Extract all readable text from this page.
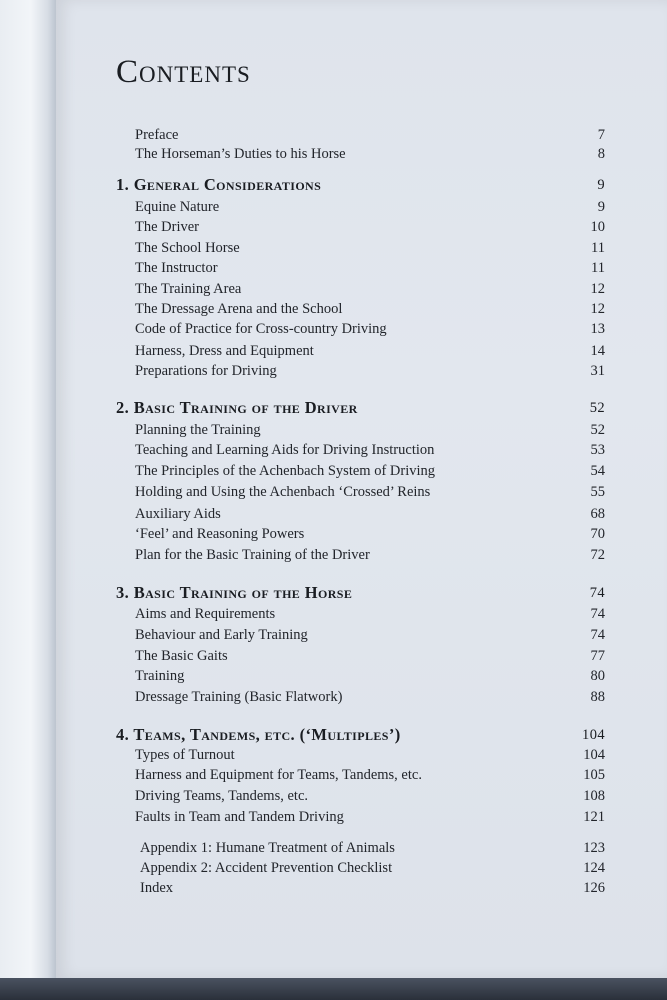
Contents
Preface	7
The Horseman’s Duties to his Horse	8
1. General Considerations	9
Equine Nature	9
The Driver	10
The School Horse	11
The Instructor	11
The Training Area	12
The Dressage Arena and the School	12
Code of Practice for Cross-country Driving	13
Harness, Dress and Equipment	14
Preparations for Driving	31
2. Basic Training of the Driver	52
Planning the Training	52
Teaching and Learning Aids for Driving Instruction	53
The Principles of the Achenbach System of Driving	54
Holding and Using the Achenbach ‘Crossed’ Reins	55
Auxiliary Aids	68
‘Feel’ and Reasoning Powers	70
Plan for the Basic Training of the Driver	72
3. Basic Training of the Horse	74
Aims and Requirements	74
Behaviour and Early Training	74
The Basic Gaits	77
Training	80
Dressage Training (Basic Flatwork)	88
4. Teams, Tandems, etc. (‘Multiples’)	104
Types of Turnout	104
Harness and Equipment for Teams, Tandems, etc.	105
Driving Teams, Tandems, etc.	108
Faults in Team and Tandem Driving	121
Appendix 1: Humane Treatment of Animals	123
Appendix 2: Accident Prevention Checklist	124
Index	126
